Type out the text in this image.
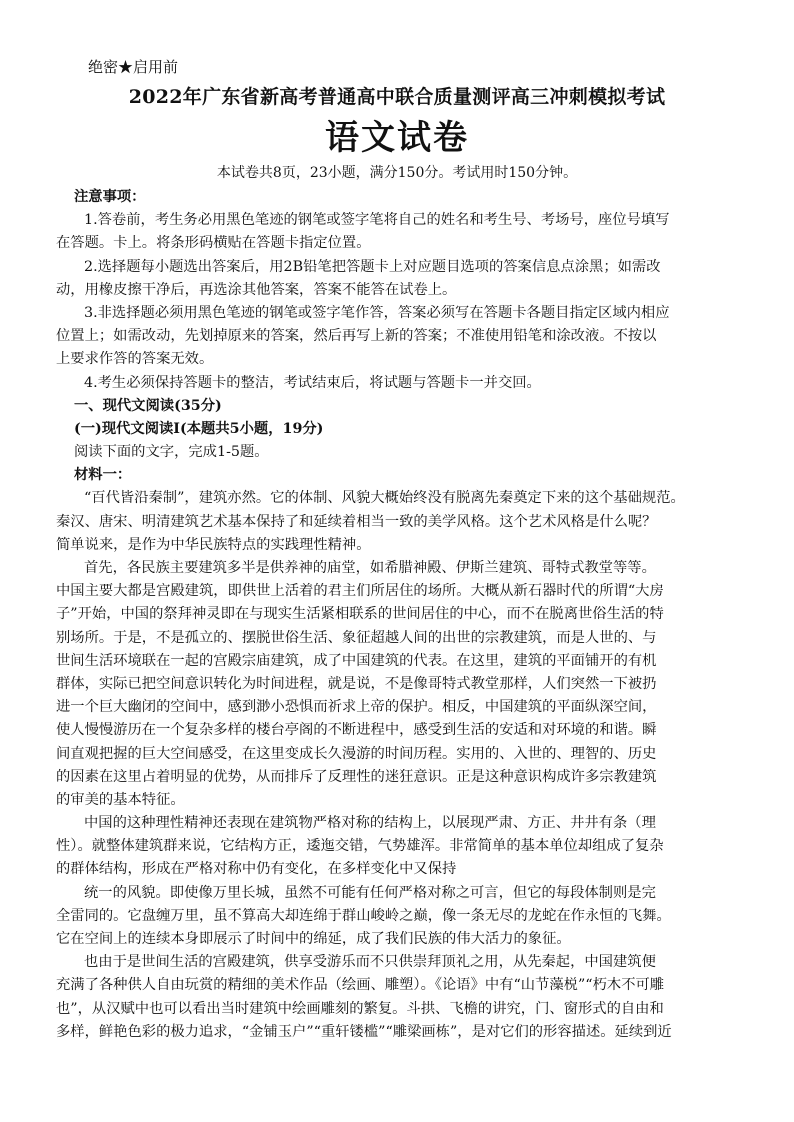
绝密★启用前
2022年广东省新高考普通高中联合质量测评高三冲刺模拟考试
语文试卷
本试卷共8页，23小题，满分150分。考试用时150分钟。
注意事项：
1.答卷前，考生务必用黑色笔迹的钢笔或签字笔将自己的姓名和考生号、考场号，座位号填写
在答题。卡上。将条形码横贴在答题卡指定位置。
2.选择题每小题选出答案后，用2B铅笔把答题卡上对应题目选项的答案信息点涂黑；如需改
动，用橡皮擦干净后，再选涂其他答案，答案不能答在试卷上。
3.非选择题必须用黑色笔迹的钢笔或签字笔作答，答案必须写在答题卡各题目指定区域内相应
位置上；如需改动，先划掉原来的答案，然后再写上新的答案；不准使用铅笔和涂改液。不按以
上要求作答的答案无效。
4.考生必须保持答题卡的整洁，考试结束后，将试题与答题卡一并交回。
一、现代文阅读(35分)
(一)现代文阅读I(本题共5小题，19分)
阅读下面的文字，完成1-5题。
材料一：
“百代皆沿秦制”，建筑亦然。它的体制、风貌大概始终没有脱离先秦奠定下来的这个基础规范。
秦汉、唐宋、明清建筑艺术基本保持了和延续着相当一致的美学风格。这个艺术风格是什么呢？
简单说来，是作为中华民族特点的实践理性精神。
首先，各民族主要建筑多半是供养神的庙堂，如希腊神殿、伊斯兰建筑、哥特式教堂等等。
中国主要大都是宫殿建筑，即供世上活着的君主们所居住的场所。大概从新石器时代的所谓“大房
子”开始，中国的祭拜神灵即在与现实生活紧相联系的世间居住的中心，而不在脱离世俗生活的特
别场所。于是，不是孤立的、摆脱世俗生活、象征超越人间的出世的宗教建筑，而是人世的、与
世间生活环境联在一起的宫殿宗庙建筑，成了中国建筑的代表。在这里，建筑的平面铺开的有机
群体，实际已把空间意识转化为时间进程，就是说，不是像哥特式教堂那样，人们突然一下被扔
进一个巨大幽闭的空间中，感到渺小恐惧而祈求上帝的保护。相反，中国建筑的平面纵深空间，
使人慢慢游历在一个复杂多样的楼台亭阁的不断进程中，感受到生活的安适和对环境的和谐。瞬
间直观把握的巨大空间感受，在这里变成长久漫游的时间历程。实用的、入世的、理智的、历史
的因素在这里占着明显的优势，从而排斥了反理性的迷狂意识。正是这种意识构成许多宗教建筑
的审美的基本特征。
中国的这种理性精神还表现在建筑物严格对称的结构上，以展现严肃、方正、井井有条（理
性）。就整体建筑群来说，它结构方正，逶迤交错，气势雄浑。非常简单的基本单位却组成了复杂
的群体结构，形成在严格对称中仍有变化，在多样变化中又保持
统一的风貌。即使像万里长城，虽然不可能有任何严格对称之可言，但它的每段体制则是完
全雷同的。它盘缠万里，虽不算高大却连绵于群山峻岭之巅，像一条无尽的龙蛇在作永恒的飞舞。
它在空间上的连续本身即展示了时间中的绵延，成了我们民族的伟大活力的象征。
也由于是世间生活的宫殿建筑，供享受游乐而不只供崇拜顶礼之用，从先秦起，中国建筑便
充满了各种供人自由玩赏的精细的美术作品（绘画、雕塑）。《论语》中有“山节藻棁”“朽木不可雕
也”，从汉赋中也可以看出当时建筑中绘画雕刻的繁复。斗拱、飞檐的讲究，门、窗形式的自由和
多样，鲜艳色彩的极力追求，“金铺玉户”“重轩镂槛”“雕梁画栋”，是对它们的形容描述。延续到近
